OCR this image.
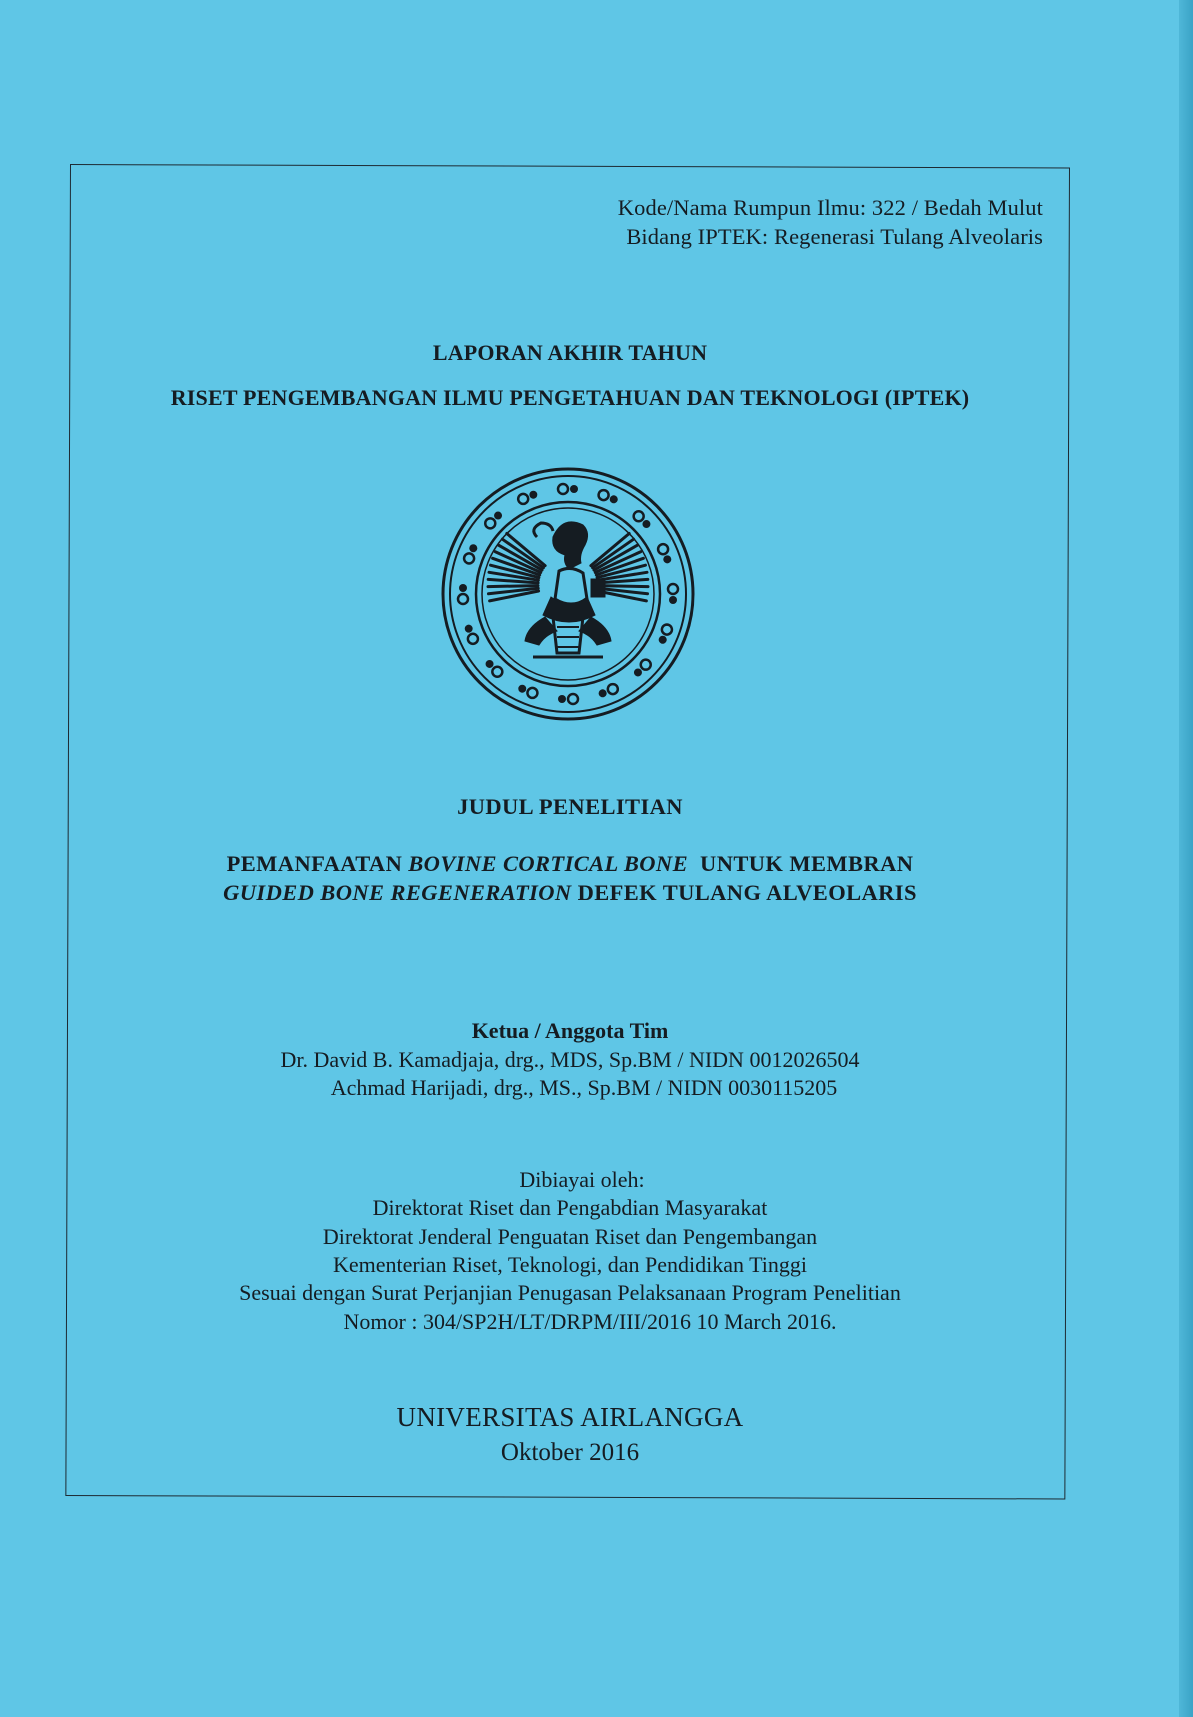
Kode/Nama Rumpun Ilmu: 322 / Bedah Mulut
Bidang IPTEK: Regenerasi Tulang Alveolaris
LAPORAN AKHIR TAHUN
RISET PENGEMBANGAN ILMU PENGETAHUAN DAN TEKNOLOGI (IPTEK)
JUDUL PENELITIAN
PEMANFAATAN BOVINE CORTICAL BONE  UNTUK MEMBRAN
GUIDED BONE REGENERATION DEFEK TULANG ALVEOLARIS
Ketua / Anggota Tim
Dr. David B. Kamadjaja, drg., MDS, Sp.BM / NIDN 0012026504
Achmad Harijadi, drg., MS., Sp.BM / NIDN 0030115205
Dibiayai oleh:
Direktorat Riset dan Pengabdian Masyarakat
Direktorat Jenderal Penguatan Riset dan Pengembangan
Kementerian Riset, Teknologi, dan Pendidikan Tinggi
Sesuai dengan Surat Perjanjian Penugasan Pelaksanaan Program Penelitian
Nomor : 304/SP2H/LT/DRPM/III/2016 10 March 2016.
UNIVERSITAS AIRLANGGA
Oktober 2016
